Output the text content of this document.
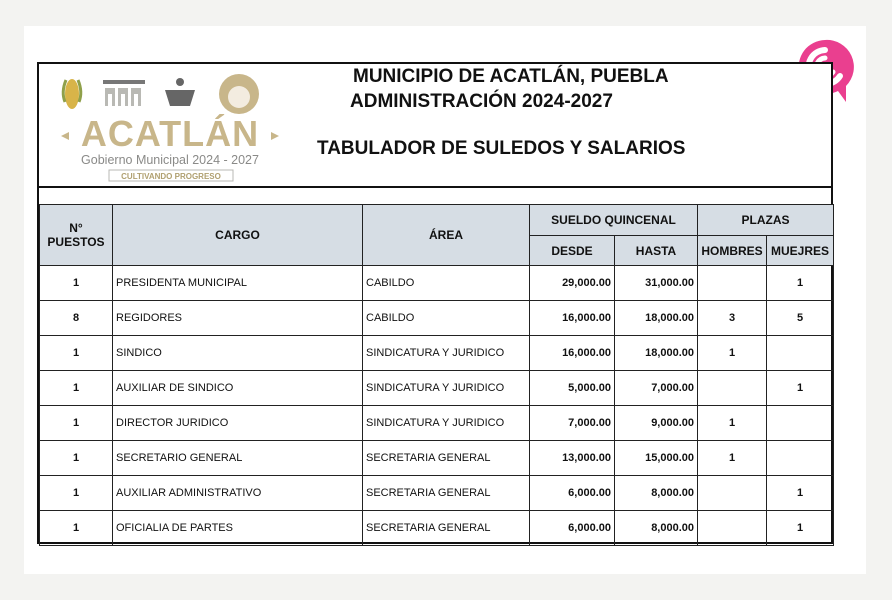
ACATLÁN
Gobierno Municipal 2024 - 2027
CULTIVANDO PROGRESO
MUNICIPIO DE ACATLÁN, PUEBLA
ADMINISTRACIÓN 2024-2027
TABULADOR DE SULEDOS Y SALARIOS
N° PUESTOS	CARGO	ÁREA	SUELDO QUINCENAL		PLAZAS	
			DESDE	HASTA	HOMBRES	MUEJRES
1	PRESIDENTA MUNICIPAL	CABILDO	29,000.00	31,000.00		1
8	REGIDORES	CABILDO	16,000.00	18,000.00	3	5
1	SINDICO	SINDICATURA Y JURIDICO	16,000.00	18,000.00	1	
1	AUXILIAR DE SINDICO	SINDICATURA Y JURIDICO	5,000.00	7,000.00		1
1	DIRECTOR JURIDICO	SINDICATURA Y JURIDICO	7,000.00	9,000.00	1	
1	SECRETARIO GENERAL	SECRETARIA GENERAL	13,000.00	15,000.00	1	
1	AUXILIAR ADMINISTRATIVO	SECRETARIA GENERAL	6,000.00	8,000.00		1
1	OFICIALIA DE PARTES	SECRETARIA GENERAL	6,000.00	8,000.00		1
